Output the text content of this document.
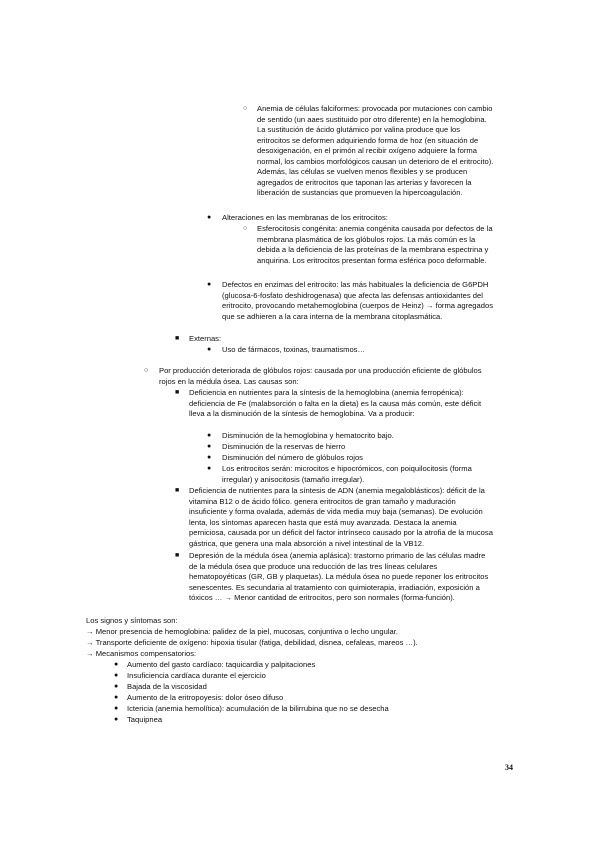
○ Anemia de células falciformes: provocada por mutaciones con cambio de sentido (un aaes sustituido por otro diferente) en la hemoglobina. La sustitución de ácido glutámico por valina produce que los eritrocitos se deformen adquiriendo forma de hoz (en situación de desoxigenación, en el primón al recibir oxígeno adquiere la forma normal, los cambios morfológicos causan un deterioro de el eritrocito). Además, las células se vuelven menos flexibles y se producen agregados de eritrocitos que taponan las arterias y favorecen la liberación de sustancias que promueven la hipercoagulación.
● Alteraciones en las membranas de los eritrocitos:
○ Esferocitosis congénita: anemia congénita causada por defectos de la membrana plasmática de los glóbulos rojos. La más común es la debida a la deficiencia de las proteínas de la membrana espectrina y anquirina. Los eritrocitos presentan forma esférica poco deformable.
● Defectos en enzimas del eritrocito: las más habituales la deficiencia de G6PDH (glucosa-6-fosfato deshidrogenasa) que afecta las defensas antioxidantes del eritrocito, provocando metahemoglobina (cuerpos de Heinz) → forma agregados que se adhieren a la cara interna de la membrana citoplasmática.
■ Externas:
● Uso de fármacos, toxinas, traumatismos…
○ Por producción deteriorada de glóbulos rojos: causada por una producción eficiente de glóbulos rojos en la médula ósea. Las causas son:
■ Deficiencia en nutrientes para la síntesis de la hemoglobina (anemia ferropénica): deficiencia de Fe (malabsorción o falta en la dieta) es la causa más común, este déficit lleva a la disminución de la síntesis de hemoglobina. Va a producir:
● Disminución de la hemoglobina y hematocrito bajo.
● Disminución de la reservas de hierro
● Disminución del número de glóbulos rojos
● Los eritrocitos serán: microcitos e hipocrómicos, con poiquilocitosis (forma irregular) y anisocitosis (tamaño irregular).
■ Deficiencia de nutrientes para la síntesis de ADN (anemia megaloblásticos): déficit de la vitamina B12 o de ácido fólico. genera eritrocitos de gran tamaño y maduración insuficiente y forma ovalada, además de vida media muy baja (semanas). De evolución lenta, los síntomas aparecen hasta que está muy avanzada. Destaca la anemia perniciosa, causada por un déficit del factor intrínseco causado por la atrofia de la mucosa gástrica, que genera una mala absorción a nivel intestinal de la VB12.
■ Depresión de la médula ósea (anemia aplásica): trastorno primario de las células madre de la médula ósea que produce una reducción de las tres líneas celulares hematopoyéticas (GR, GB y plaquetas). La médula ósea no puede reponer los eritrocitos senescentes. Es secundaria al tratamiento con quimioterapia, irradiación, exposición a tóxicos … → Menor cantidad de eritrocitos, pero son normales (forma-función).
Los signos y síntomas son:
→ Menor presencia de hemoglobina: palidez de la piel, mucosas, conjuntiva o lecho ungular.
→ Transporte deficiente de oxígeno: hipoxia tisular (fatiga, debilidad, disnea, cefaleas, mareos …).
→ Mecanismos compensatorios:
● Aumento del gasto cardíaco: taquicardia y palpitaciones
● Insuficiencia cardíaca durante el ejercicio
● Bajada de la viscosidad
● Aumento de la eritropoyesis: dolor óseo difuso
● Ictericia (anemia hemolítica): acumulación de la bilirrubina que no se desecha
● Taquipnea
34
